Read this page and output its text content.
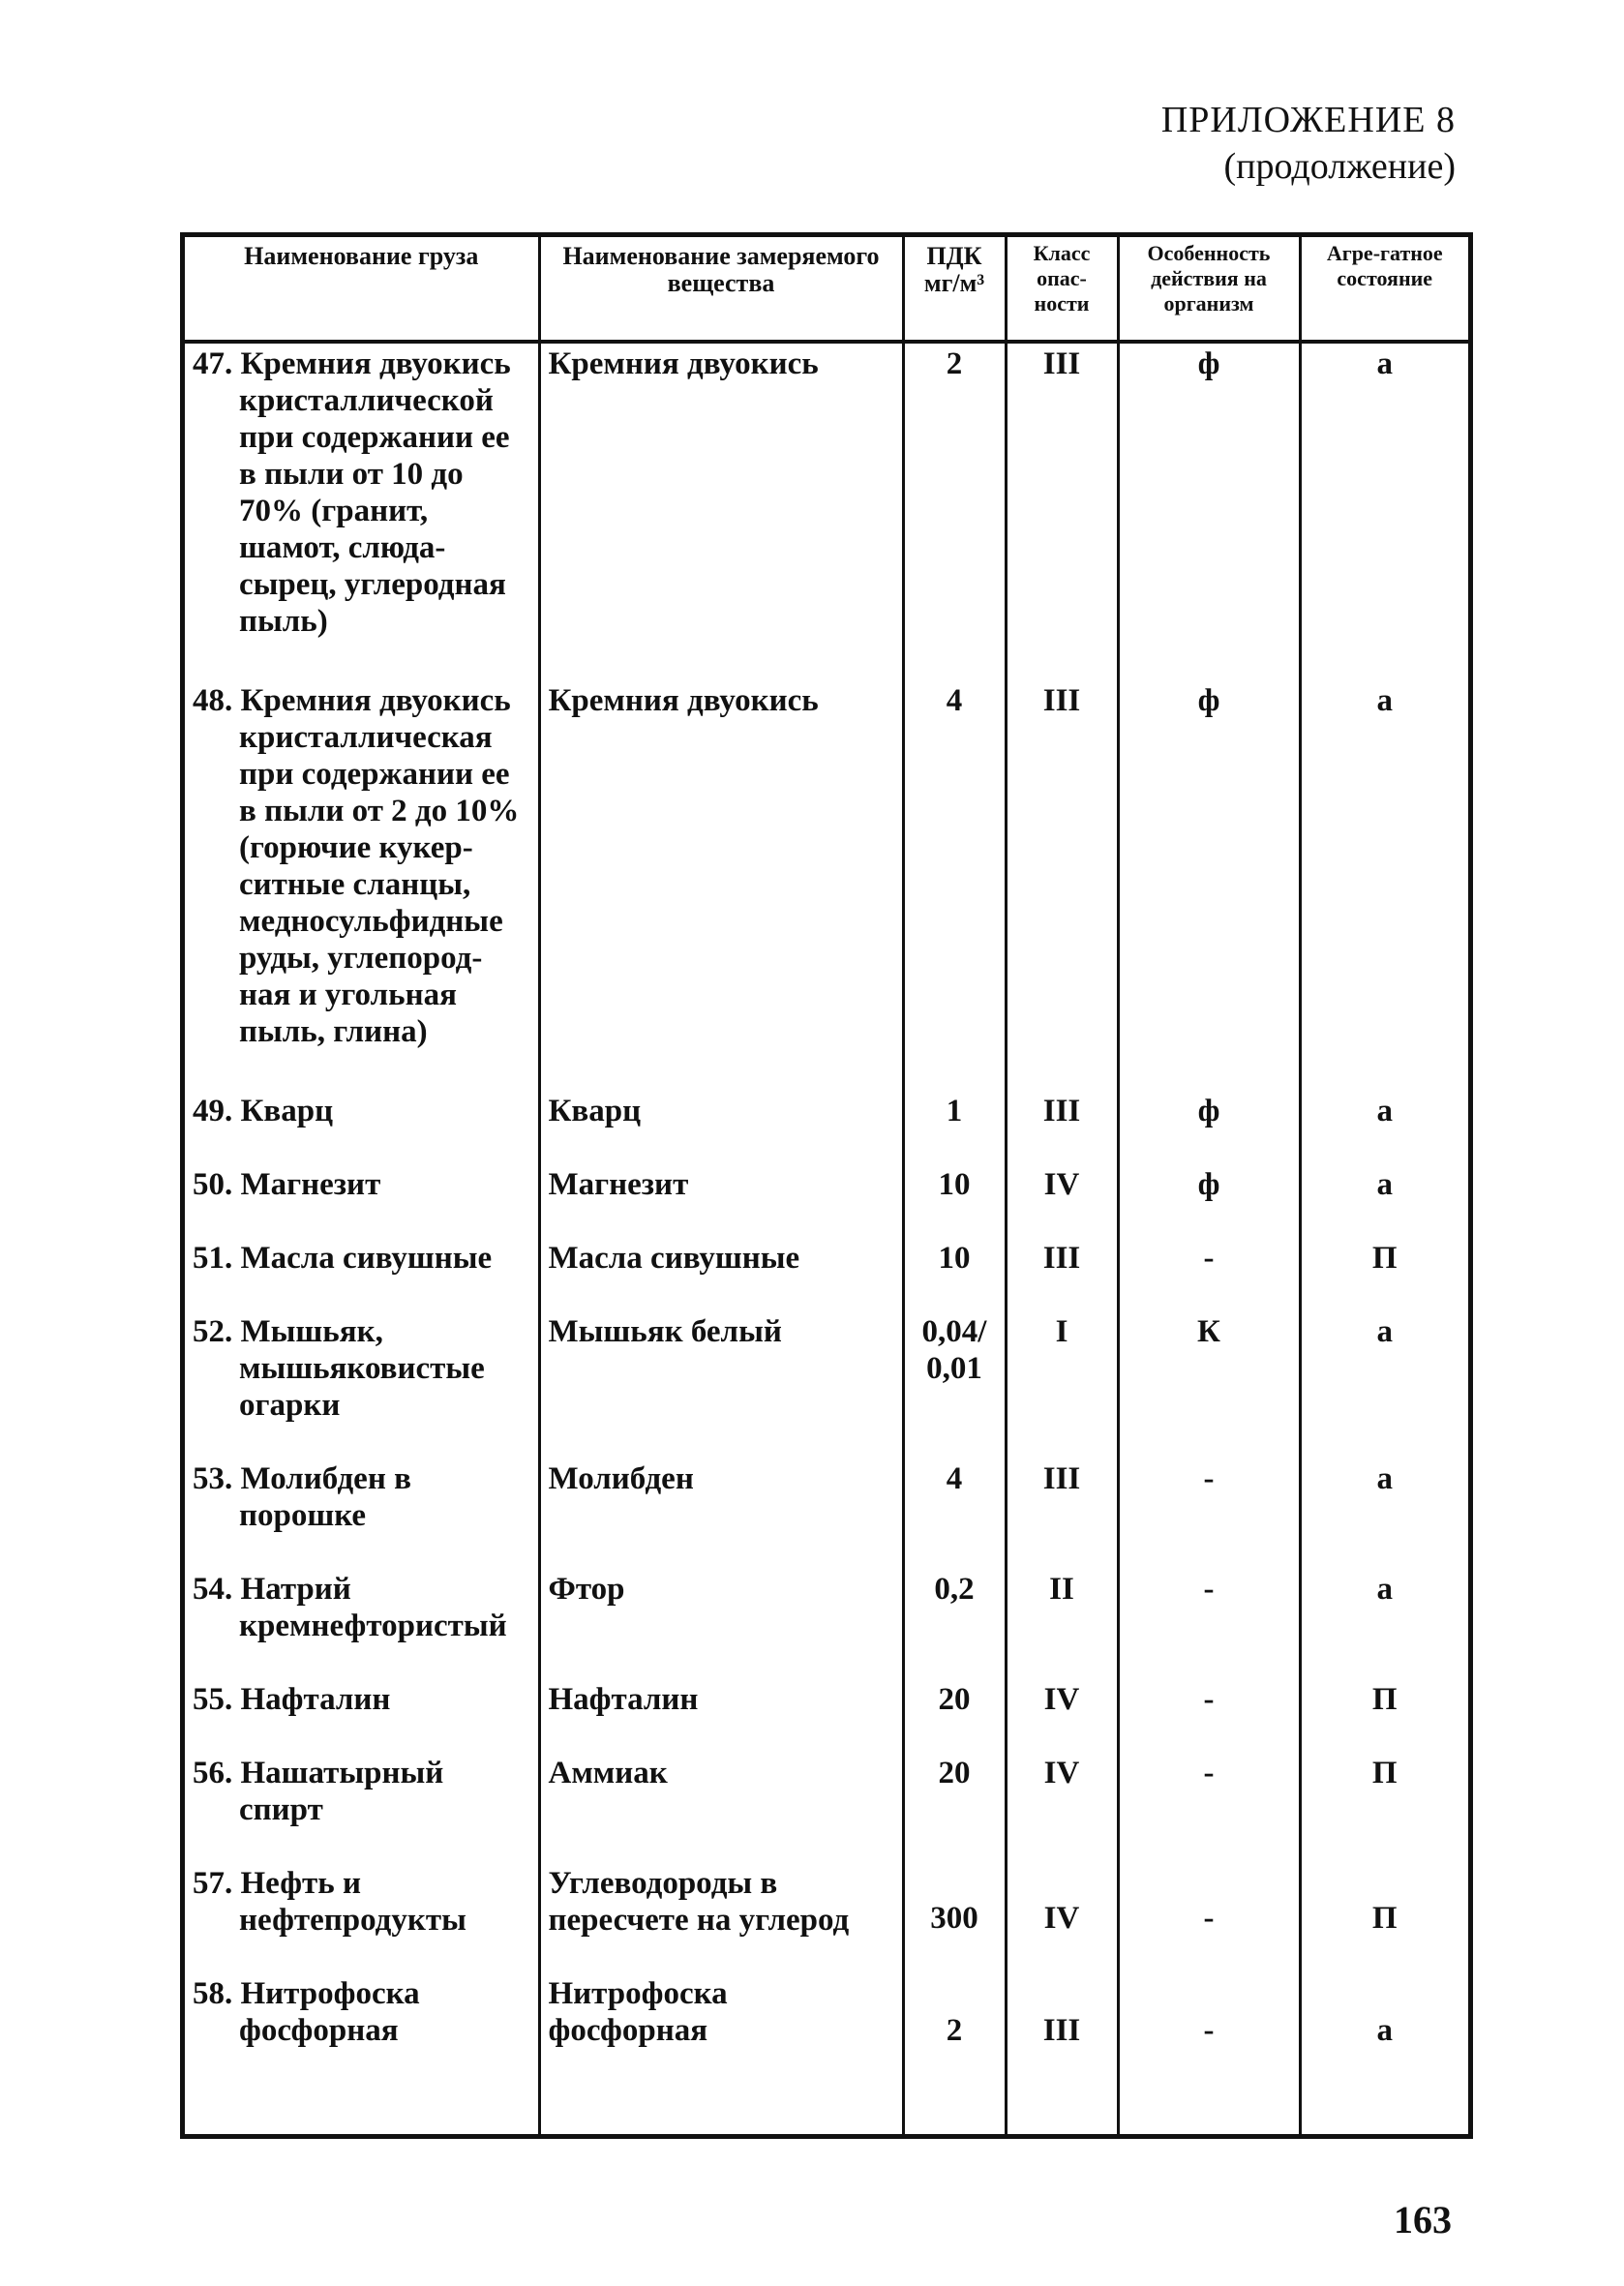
ПРИЛОЖЕНИЕ 8
(продолжение)
Наименование груза	Наименование замеряемого вещества	ПДК мг/м³	Класс опас-ности	Особенность действия на организм	Агре-гатное состояние
47. Кремния двуокись кристаллической при содержании ее в пыли от 10 до 70% (гранит, шамот, слюда-сырец, углеродная пыль)	Кремния двуокись	2	III	ф	а
48. Кремния двуокись кристаллическая при содержании ее в пыли от 2 до 10% (горючие кукер-ситные сланцы, медносульфидные руды, углепород-ная и угольная пыль, глина)	Кремния двуокись	4	III	ф	а
49. Кварц	Кварц	1	III	ф	а
50. Магнезит	Магнезит	10	IV	ф	а
51. Масла сивушные	Масла сивушные	10	III	-	П
52. Мышьяк, мышьяковистые огарки	Мышьяк белый	0,04/ 0,01	I	К	а
53. Молибден в порошке	Молибден	4	III	-	а
54. Натрий кремнефтористый	Фтор	0,2	II	-	а
55. Нафталин	Нафталин	20	IV	-	П
56. Нашатырный спирт	Аммиак	20	IV	-	П
57. Нефть и нефтепродукты	Углеводороды в пересчете на углерод	300	IV	-	П
58. Нитрофоска фосфорная	Нитрофоска фосфорная	2	III	-	а
163
